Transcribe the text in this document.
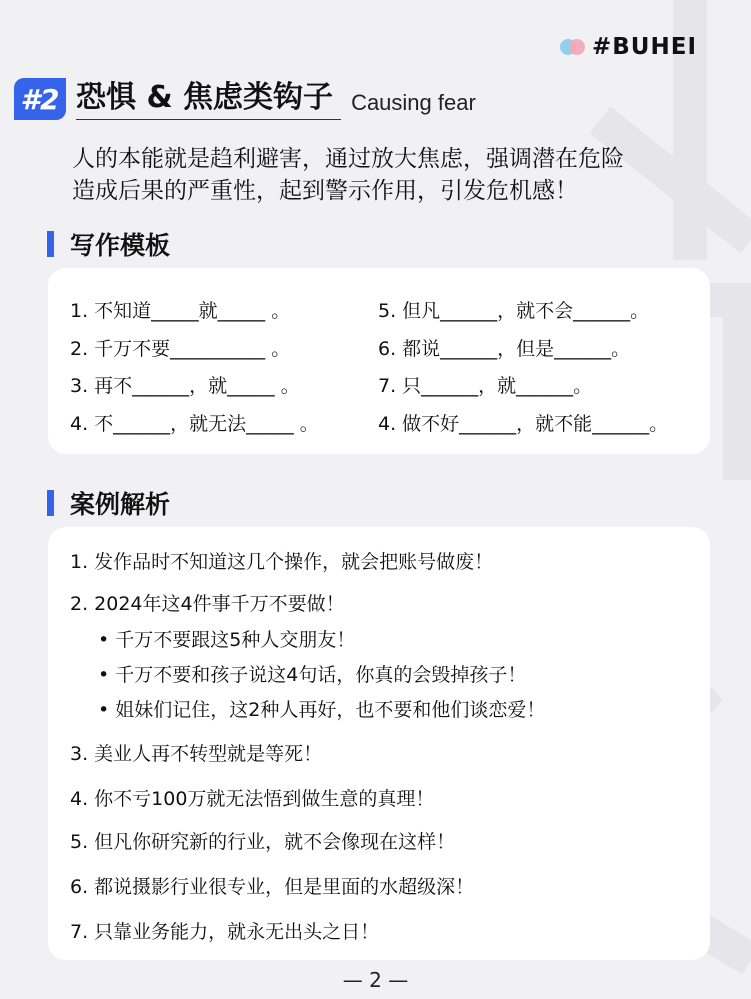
#BUHEI
#2 恐惧 & 焦虑类钩子 Causing fear

人的本能就是趋利避害，通过放大焦虑，强调潜在危险

造成后果的严重性，起到警示作用，引发危机感！

写作模板
1. 不知道_____就_____ 。
2. 千万不要__________ 。
3. 再不______，就_____ 。
4. 不______，就无法_____ 。
5. 但凡______，就不会______。
6. 都说______，但是______。
7. 只______，就______。
4. 做不好______，就不能______。
案例解析
1. 发作品时不知道这几个操作，就会把账号做废！
2. 2024年这4件事千万不要做！
• 千万不要跟这5种人交朋友！
• 千万不要和孩子说这4句话，你真的会毁掉孩子！
• 姐妹们记住，这2种人再好，也不要和他们谈恋爱！
3. 美业人再不转型就是等死！
4. 你不亏100万就无法悟到做生意的真理！
5. 但凡你研究新的行业，就不会像现在这样！
6. 都说摄影行业很专业，但是里面的水超级深！
7. 只靠业务能力，就永无出头之日！
— 2 —
